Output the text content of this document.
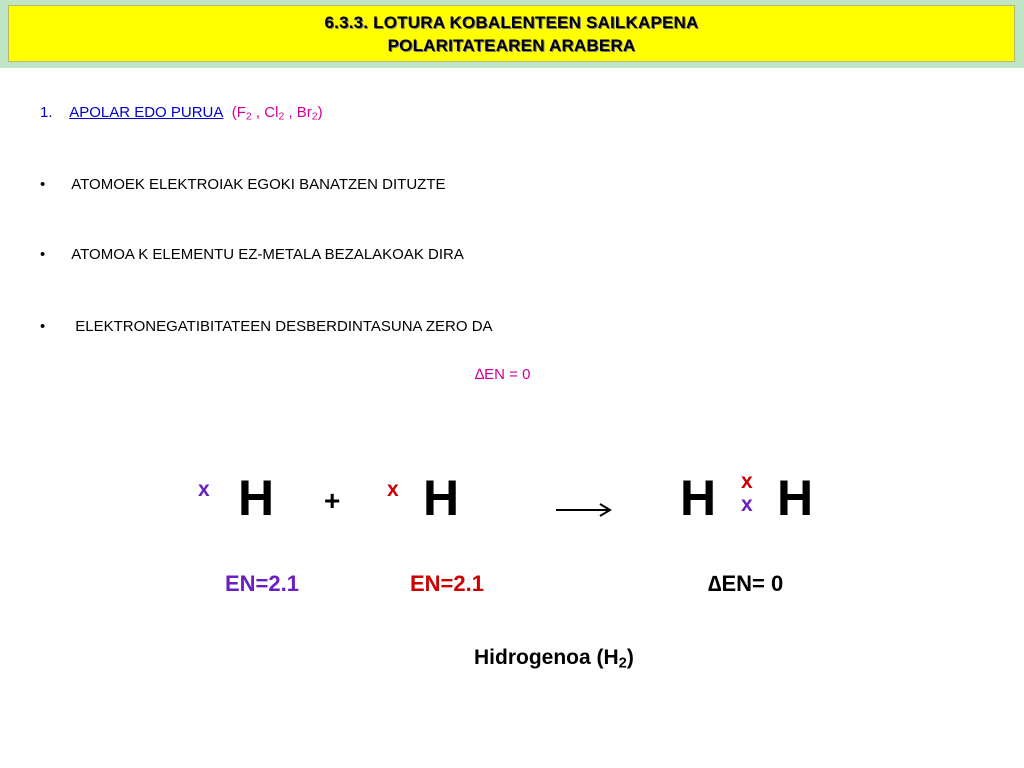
6.3.3. LOTURA KOBALENTEEN SAILKAPENA
POLARITATEAREN ARABERA
1. APOLAR EDO PURUA ($F_2$ , $Cl_2$ , $Br_2$)
• ATOMOEK ELEKTROIAK EGOKI BANATZEN DITUZTE
• ATOMOA K ELEMENTU EZ-METALA BEZALAKOAK DIRA
• ELEKTRONEGATIBITATEEN DESBERDINTASUNA ZERO DA
∆EN = 0
x H + x H	H x
x H
EN=2.1	EN=2.1	∆EN= 0
Hidrogenoa $(H_2)$
